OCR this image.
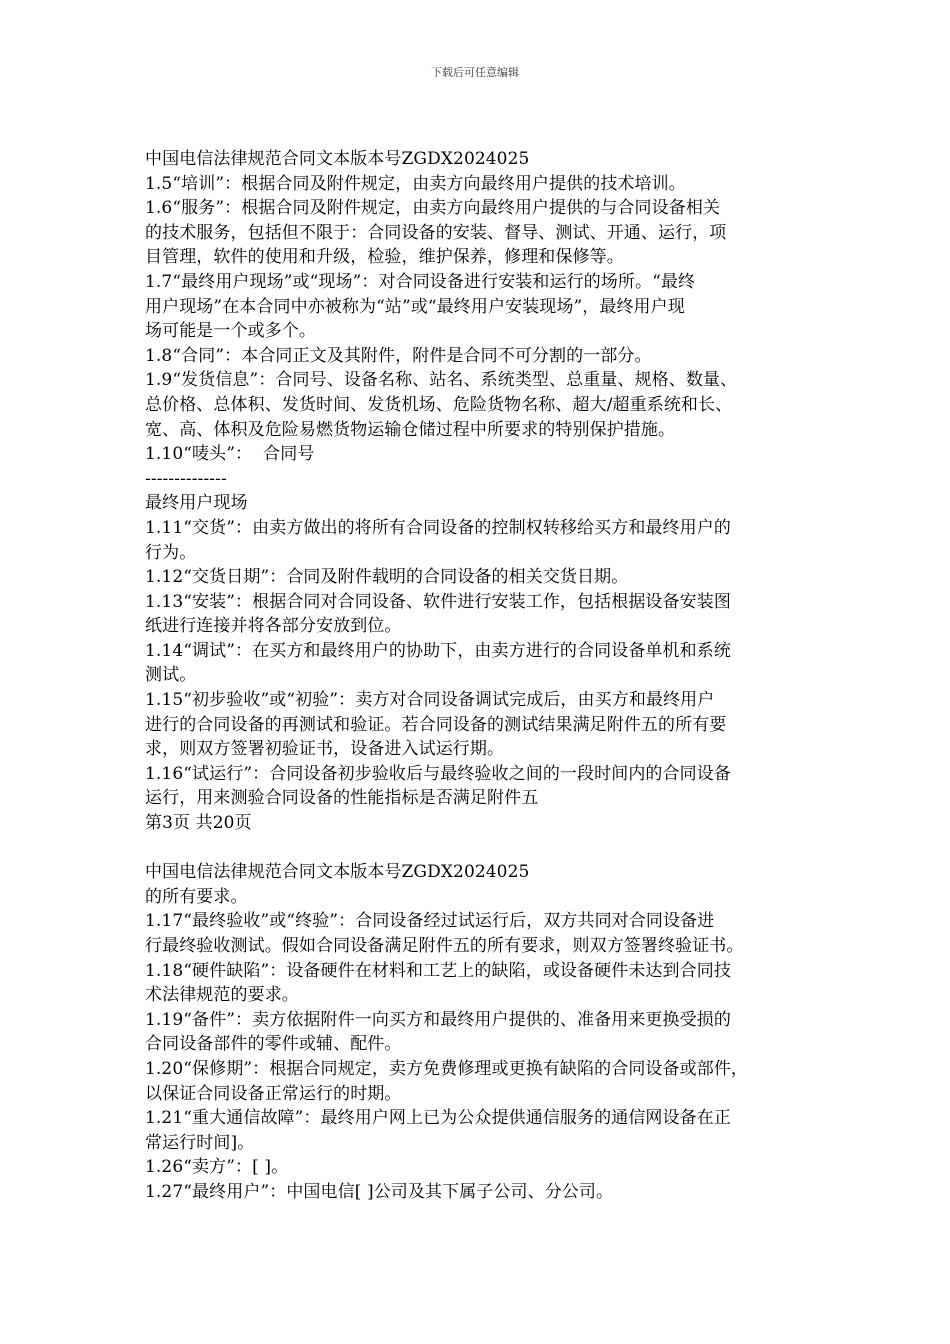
下载后可任意编辑
中国电信法律规范合同文本版本号ZGDX2024025
1.5“培训”：根据合同及附件规定，由卖方向最终用户提供的技术培训。
1.6“服务”：根据合同及附件规定，由卖方向最终用户提供的与合同设备相关
的技术服务，包括但不限于：合同设备的安装、督导、测试、开通、运行，项
目管理，软件的使用和升级，检验，维护保养，修理和保修等。
1.7“最终用户现场”或“现场”：对合同设备进行安装和运行的场所。“最终
用户现场”在本合同中亦被称为“站”或“最终用户安装现场”，最终用户现
场可能是一个或多个。
1.8“合同”：本合同正文及其附件，附件是合同不可分割的一部分。
1.9“发货信息”：合同号、设备名称、站名、系统类型、总重量、规格、数量、
总价格、总体积、发货时间、发货机场、危险货物名称、超大/超重系统和长、
宽、高、体积及危险易燃货物运输仓储过程中所要求的特别保护措施。
1.10“唛头”：  合同号
--------------
最终用户现场
1.11“交货”：由卖方做出的将所有合同设备的控制权转移给买方和最终用户的
行为。
1.12“交货日期”：合同及附件载明的合同设备的相关交货日期。
1.13“安装”：根据合同对合同设备、软件进行安装工作，包括根据设备安装图
纸进行连接并将各部分安放到位。
1.14“调试”：在买方和最终用户的协助下，由卖方进行的合同设备单机和系统
测试。
1.15“初步验收”或“初验”：卖方对合同设备调试完成后，由买方和最终用户
进行的合同设备的再测试和验证。若合同设备的测试结果满足附件五的所有要
求，则双方签署初验证书，设备进入试运行期。
1.16“试运行”：合同设备初步验收后与最终验收之间的一段时间内的合同设备
运行，用来测验合同设备的性能指标是否满足附件五
第3页 共20页
中国电信法律规范合同文本版本号ZGDX2024025
的所有要求。
1.17“最终验收”或“终验”：合同设备经过试运行后，双方共同对合同设备进
行最终验收测试。假如合同设备满足附件五的所有要求，则双方签署终验证书。
1.18“硬件缺陷”：设备硬件在材料和工艺上的缺陷，或设备硬件未达到合同技
术法律规范的要求。
1.19“备件”：卖方依据附件一向买方和最终用户提供的、准备用来更换受损的
合同设备部件的零件或辅、配件。
1.20“保修期”：根据合同规定，卖方免费修理或更换有缺陷的合同设备或部件，
以保证合同设备正常运行的时期。
1.21“重大通信故障”：最终用户网上已为公众提供通信服务的通信网设备在正
常运行时间]。
1.26“卖方”：[ ]。
1.27“最终用户”：中国电信[ ]公司及其下属子公司、分公司。
